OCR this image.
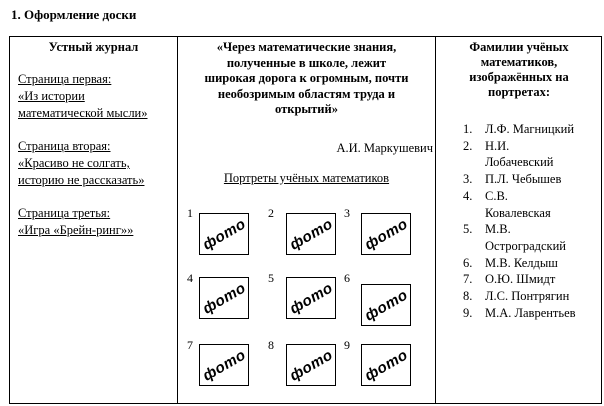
1. Оформление доски
Устный журнал
Страница первая:
«Из истории
математической мысли»
Страница вторая:
«Красиво не солгать,
историю не рассказать»
Страница третья:
«Игра «Брейн-ринг»»
«Через математические знания,
полученные в школе, лежит
широкая дорога к огромным, почти
необозримым областям труда и
открытий»
А.И. Маркушевич
Портреты учёных математиков
1
фото
2
фото
3
фото
4
фото
5
фото
6
фото
7
фото
8
фото
9
фото
Фамилии учёных
математиков,
изображённых на
портретах:
1. Л.Ф. Магницкий
2. Н.И.
Лобачевский
3. П.Л. Чебышев
4. С.В.
Ковалевская
5. М.В.
Остроградский
6. М.В. Келдыш
7. О.Ю. Шмидт
8. Л.С. Понтрягин
9. М.А. Лаврентьев
